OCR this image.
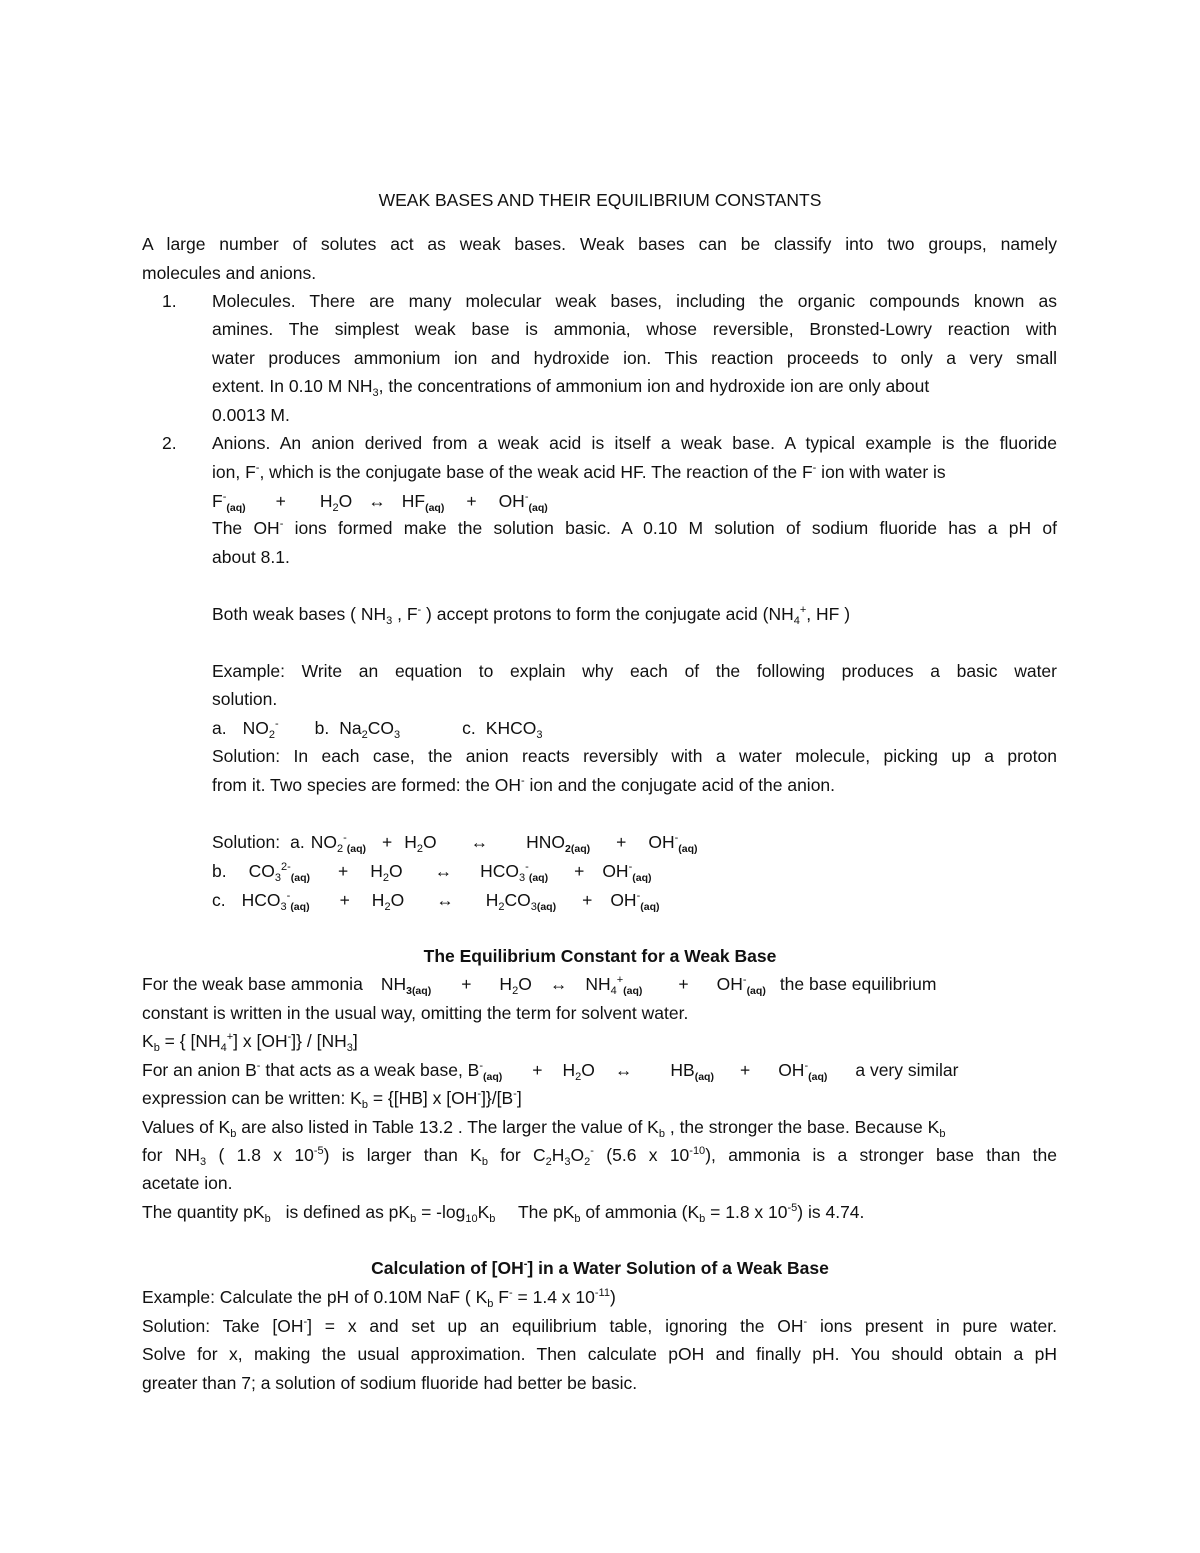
WEAK BASES AND THEIR EQUILIBRIUM CONSTANTS
A large number of solutes act as weak bases. Weak bases can be classify into two groups, namely
molecules and anions.
1. Molecules. There are many molecular weak bases, including the organic compounds known as
amines. The simplest weak base is ammonia, whose reversible, Bronsted-Lowry reaction with
water produces ammonium ion and hydroxide ion. This reaction proceeds to only a very small
extent. In 0.10 M $NH_3$, the concentrations of ammonium ion and hydroxide ion are only about
0.0013 M.
2. Anions. An anion derived from a weak acid is itself a weak base. A typical example is the fluoride
ion, F-, which is the conjugate base of the weak acid HF. The reaction of the F- ion with water is
$F^-_{(aq)} + H_2O$ ↔ $HF_{(aq)} + OH^-_{(aq)}$
The OH- ions formed make the solution basic. A 0.10 M solution of sodium fluoride has a pH of
about 8.1.
Both weak bases ( $NH_3$ , F- ) accept protons to form the conjugate acid ($NH_4^+$, HF )
Example: Write an equation to explain why each of the following produces a basic water
solution.
a. $NO_2^-$ b. $Na_2CO_3$	c. $KHCO_3$
Solution: In each case, the anion reacts reversibly with a water molecule, picking up a proton
from it. Two species are formed: the OH- ion and the conjugate acid of the anion.
Solution: a. $NO_2^-_{(aq)} + H_2O$ ↔ $HNO_{2(aq)} + OH^-_{(aq)}$
b. $CO_3^{2-}_{(aq)} + H_2O$ ↔ $HCO_3^-_{(aq)} + OH^-_{(aq)}$
c. $HCO_3^-_{(aq)} + H_2O$ ↔ $H_2CO_{3(aq)} + OH^-_{(aq)}$
The Equilibrium Constant for a Weak Base
For the weak base ammonia $NH_{3(aq)} + H_2O$ ↔ $NH_4^+_{(aq)} + OH^-_{(aq)}$ the base equilibrium
constant is written in the usual way, omitting the term for solvent water.
$K_b$ = { $[NH_4^+]$ x $[OH^-]\} / [NH_3]$
For an anion B- that acts as a weak base, $B^-_{(aq)} + H_2O$ ↔ $HB_{(aq)} + OH^-_{(aq)}$ a very similar
expression can be written: $K_b = \{[HB]$ x [OH-]}/[B-]
Values of $K_b$ are also listed in Table 13.2 . The larger the value of $K_b$ , the stronger the base. Because $K_b$
for $NH_3$ ( 1.8 x $10^{-5}$) is larger than $K_b$ for $C_2H_3O_2^-$ (5.6 x $10^{-10}$), ammonia is a stronger base than the
acetate ion.
The quantity $pK_b$ is defined as $pK_b = -\log_{10}K_b$ The $pK_b$ of ammonia ($K_b = 1.8$ x $10^{-5}$) is 4.74.
Calculation of [OH-] in a Water Solution of a Weak Base
Example: Calculate the pH of 0.10M NaF ( $K_b$ F- = 1.4 x $10^{-11}$)
Solution: Take [OH-] = x and set up an equilibrium table, ignoring the OH- ions present in pure water.
Solve for x, making the usual approximation. Then calculate pOH and finally pH. You should obtain a pH
greater than 7; a solution of sodium fluoride had better be basic.
